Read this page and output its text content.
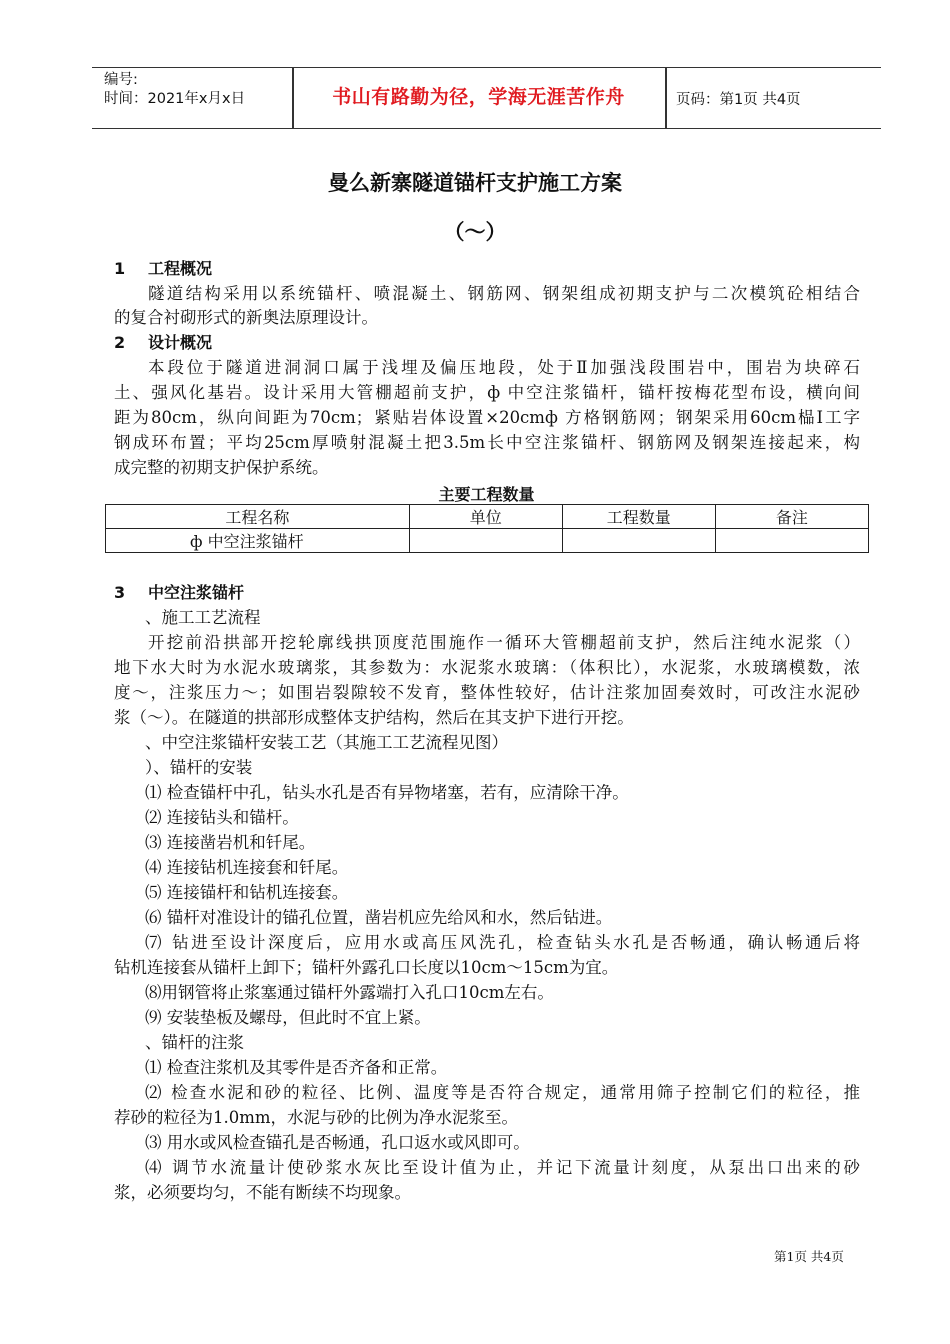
编号:
时间：2021年x月x日	书山有路勤为径，学海无涯苦作舟	页码：第1页 共4页
曼么新寨隧道锚杆支护施工方案
（～）
1 工程概况
隧道结构采用以系统锚杆、喷混凝土、钢筋网、钢架组成初期支护与二次模筑砼相结合
的复合衬砌形式的新奥法原理设计。
2 设计概况
本段位于隧道进洞洞口属于浅埋及偏压地段，处于Ⅱ加强浅段围岩中，围岩为块碎石
土、强风化基岩。设计采用大管棚超前支护，ф 中空注浆锚杆，锚杆按梅花型布设，横向间
距为80cm，纵向间距为70cm；紧贴岩体设置×20cmф 方格钢筋网；钢架采用60cm榀Ⅰ工字
钢成环布置；平均25cm厚喷射混凝土把3.5m长中空注浆锚杆、钢筋网及钢架连接起来，构
成完整的初期支护保护系统。
主要工程数量
工程名称	单位	工程数量	备注
ф 中空注浆锚杆			
3 中空注浆锚杆
、施工工艺流程
开挖前沿拱部开挖轮廓线拱顶度范围施作一循环大管棚超前支护，然后注纯水泥浆（）
地下水大时为水泥水玻璃浆，其参数为：水泥浆水玻璃：（体积比），水泥浆，水玻璃模数，浓
度～，注浆压力～；如围岩裂隙较不发育，整体性较好，估计注浆加固奏效时，可改注水泥砂
浆（～）。在隧道的拱部形成整体支护结构，然后在其支护下进行开挖。
、中空注浆锚杆安装工艺（其施工工艺流程见图）
）、锚杆的安装
⑴ 检查锚杆中孔，钻头水孔是否有异物堵塞，若有，应清除干净。
⑵ 连接钻头和锚杆。
⑶ 连接凿岩机和钎尾。
⑷ 连接钻机连接套和钎尾。
⑸ 连接锚杆和钻机连接套。
⑹ 锚杆对准设计的锚孔位置，凿岩机应先给风和水，然后钻进。
⑺ 钻进至设计深度后，应用水或高压风洗孔，检查钻头水孔是否畅通，确认畅通后将
钻机连接套从锚杆上卸下；锚杆外露孔口长度以10cm～15cm为宜。
⑻用钢管将止浆塞通过锚杆外露端打入孔口10cm左右。
⑼ 安装垫板及螺母，但此时不宜上紧。
、锚杆的注浆
⑴ 检查注浆机及其零件是否齐备和正常。
⑵ 检查水泥和砂的粒径、比例、温度等是否符合规定，通常用筛子控制它们的粒径，推
荐砂的粒径为1.0mm，水泥与砂的比例为净水泥浆至。
⑶ 用水或风检查锚孔是否畅通，孔口返水或风即可。
⑷ 调节水流量计使砂浆水灰比至设计值为止，并记下流量计刻度，从泵出口出来的砂
浆，必须要均匀，不能有断续不均现象。
第1页 共4页
